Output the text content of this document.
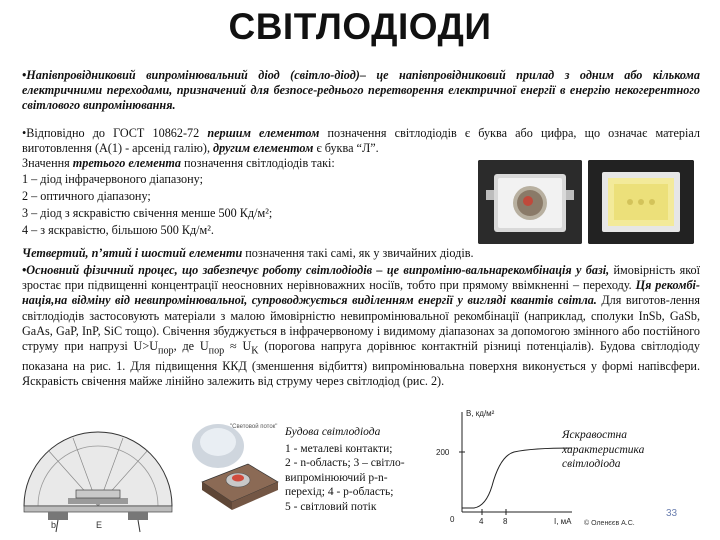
СВІТЛОДІОДИ

•Напівпровідниковий випромінювальний діод (світло-діод)– це напівпровідниковий прилад з одним або кількома електричними переходами, призначений для безпосе-реднього перетворення електричної енергії в енергію некогерентного світлового випромінювання.

•Відповідно до ГОСТ 10862-72 першим елементом позначення світлодіодів є буква або цифра, що означає матеріал виготовлення (А(1) - арсенід галію), другим елементом є буква “Л”.

Значення третього елемента позначення світлодіодів такі:

1 – діод інфрачервоного діапазону;

2 – оптичного діапазону;

3 – діод з яскравістю свічення менше 500 Кд/м²;

4 – з яскравістю, більшою 500 Кд/м².

Четвертий, п’ятий і шостий елементи позначення такі самі, як у звичайних діодів.

•Основний фізичний процес, що забезпечує роботу світлодіодів – це випроміню-вальнарекомбінація у базі, ймовірність якої зростає при підвищенні концентрації неосновних нерівноважних носіїв, тобто при прямому ввімкненні – переходу. Ця рекомбі-нація,на відміну від невипромінювальної, супроводжується виділенням енергії у вигляді квантів світла. Для виготов-лення світлодіодів застосовують матеріали з малою ймовірністю невипромінювальної рекомбінації (наприклад, сполуки InSb, GaSb, GaAs, GaP, InP, SiC тощо). Свічення збуджується в інфрачервоному і видимому діапазонах за допомогою змінного або постійного струму при напрузі $U>U_{пор}$, де $U_{пор} \approx U_K$ (порогова напруга дорівнює контактній різниці потенціалів). Будова світлодіоду показана на рис. 1. Для підвищення ККД (зменшення відбиття) випромінювальна поверхня виконується у формі напівсфери. Яскравість свічення майже лінійно залежить від струму через світлодіод (рис. 2).

b	E
"Световой поток" Будова світлодіода
1 - металеві контакти;
2 - n-область; 3 – світло-
випромінюючий p-n-
перехід; 4 - p-область;
5 - світловий потік
B, кд/м²
200
0	4 8	I, мА
Яскравостна
характеристика
світлодіода
© Оленєєв А.С.
33
